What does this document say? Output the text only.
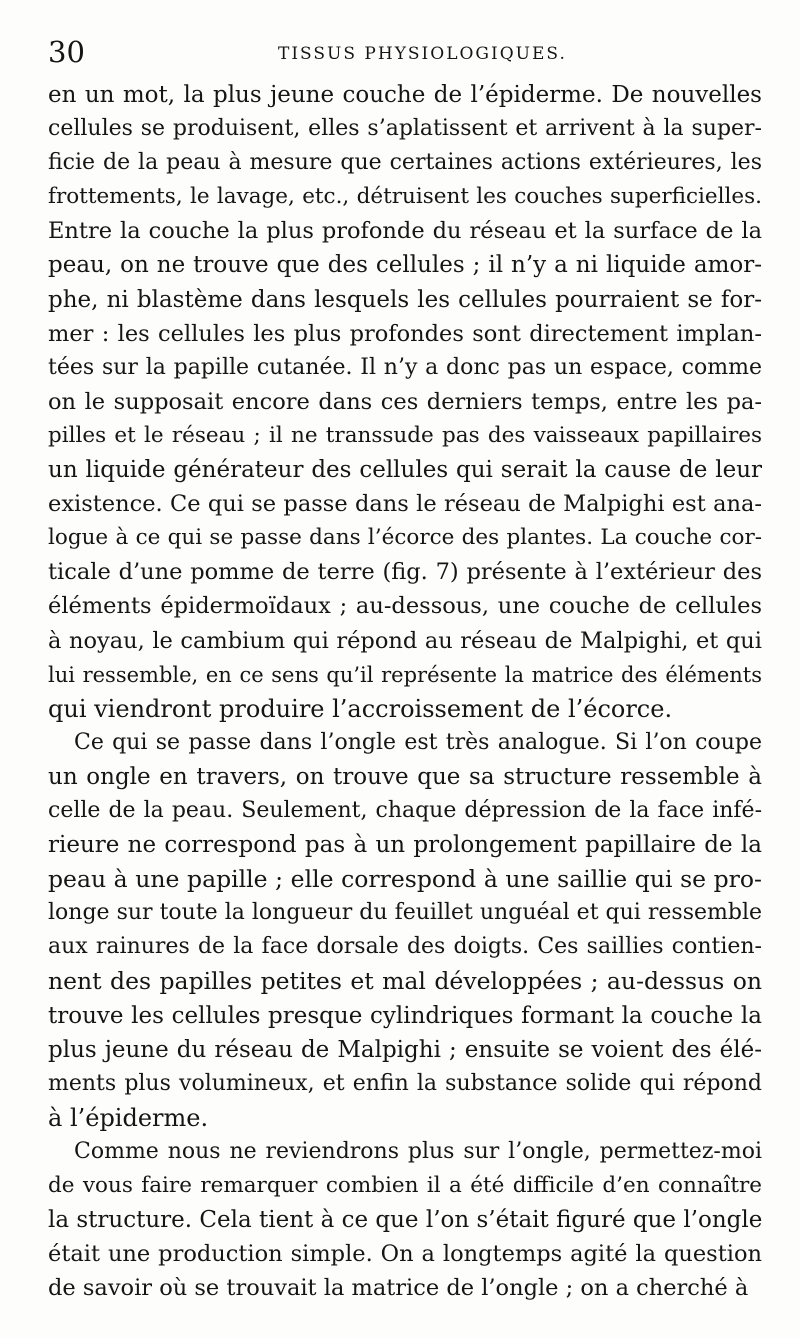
30	TISSUS PHYSIOLOGIQUES.
en un mot, la plus jeune couche de l’épiderme. De nouvelles
cellules se produisent, elles s’aplatissent et arrivent à la super-
ficie de la peau à mesure que certaines actions extérieures, les
frottements, le lavage, etc., détruisent les couches superficielles.
Entre la couche la plus profonde du réseau et la surface de la
peau, on ne trouve que des cellules ; il n’y a ni liquide amor-
phe, ni blastème dans lesquels les cellules pourraient se for-
mer : les cellules les plus profondes sont directement implan-
tées sur la papille cutanée. Il n’y a donc pas un espace, comme
on le supposait encore dans ces derniers temps, entre les pa-
pilles et le réseau ; il ne transsude pas des vaisseaux papillaires
un liquide générateur des cellules qui serait la cause de leur
existence. Ce qui se passe dans le réseau de Malpighi est ana-
logue à ce qui se passe dans l’écorce des plantes. La couche cor-
ticale d’une pomme de terre (fig. 7) présente à l’extérieur des
éléments épidermoïdaux ; au-dessous, une couche de cellules
à noyau, le cambium qui répond au réseau de Malpighi, et qui
lui ressemble, en ce sens qu’il représente la matrice des éléments
qui viendront produire l’accroissement de l’écorce.
Ce qui se passe dans l’ongle est très analogue. Si l’on coupe
un ongle en travers, on trouve que sa structure ressemble à
celle de la peau. Seulement, chaque dépression de la face infé-
rieure ne correspond pas à un prolongement papillaire de la
peau à une papille ; elle correspond à une saillie qui se pro-
longe sur toute la longueur du feuillet unguéal et qui ressemble
aux rainures de la face dorsale des doigts. Ces saillies contien-
nent des papilles petites et mal développées ; au-dessus on
trouve les cellules presque cylindriques formant la couche la
plus jeune du réseau de Malpighi ; ensuite se voient des élé-
ments plus volumineux, et enfin la substance solide qui répond
à l’épiderme.
Comme nous ne reviendrons plus sur l’ongle, permettez-moi
de vous faire remarquer combien il a été difficile d’en connaître
la structure. Cela tient à ce que l’on s’était figuré que l’ongle
était une production simple. On a longtemps agité la question
de savoir où se trouvait la matrice de l’ongle ; on a cherché à
